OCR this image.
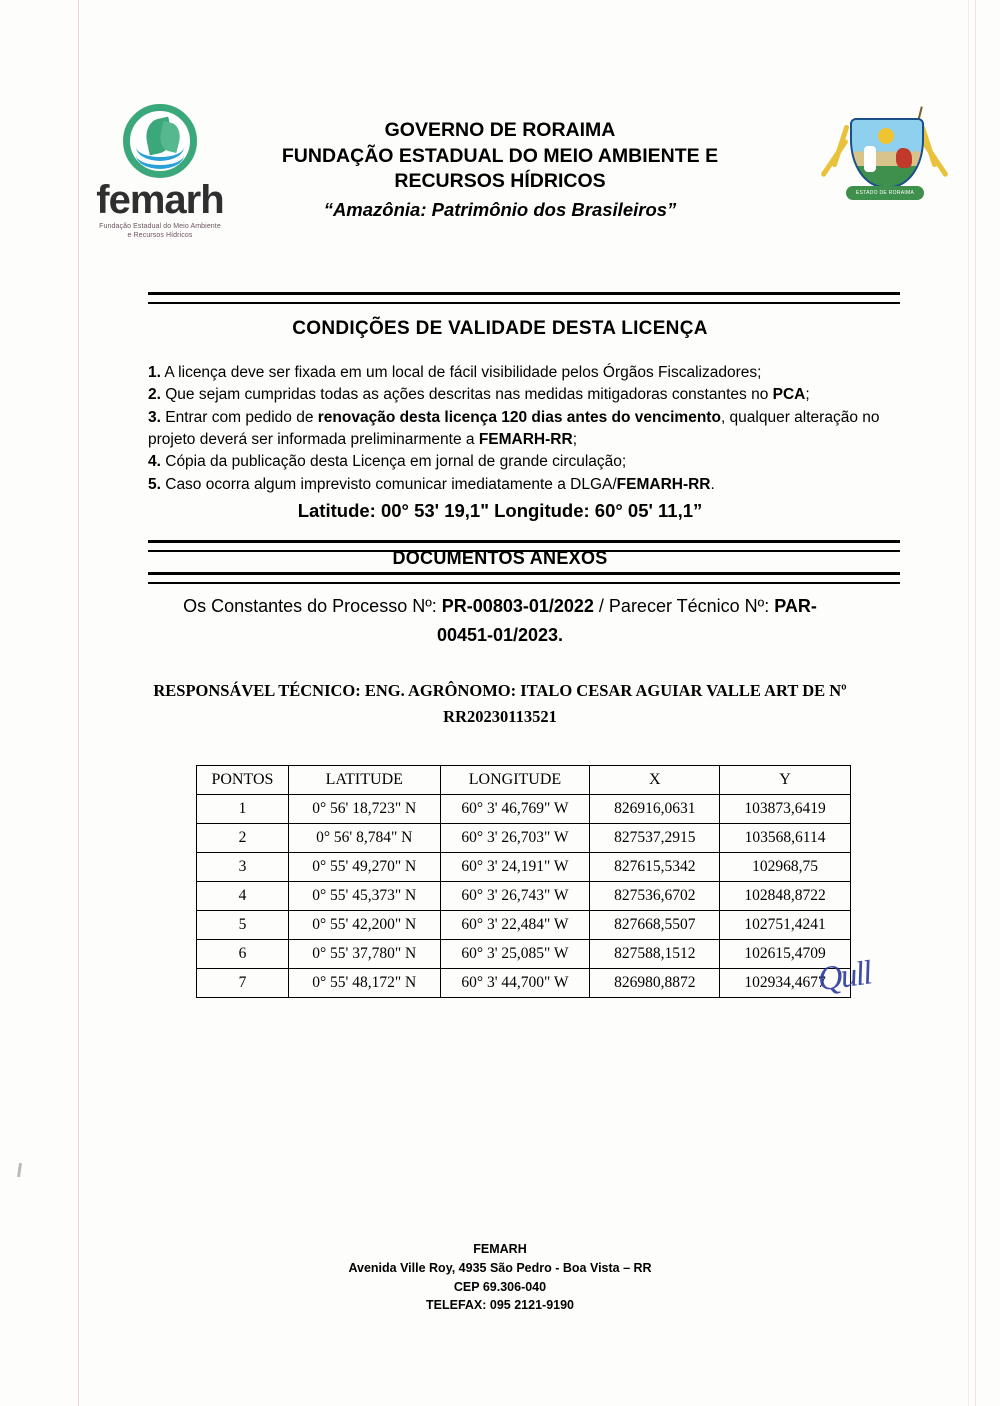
femarh
Fundação Estadual do Meio Ambiente
e Recursos Hídricos
GOVERNO DE RORAIMA
FUNDAÇÃO ESTADUAL DO MEIO AMBIENTE E
RECURSOS HÍDRICOS
“Amazônia: Patrimônio dos Brasileiros”
ESTADO DE RORAIMA
CONDIÇÕES DE VALIDADE DESTA LICENÇA

1. A licença deve ser fixada em um local de fácil visibilidade pelos Órgãos Fiscalizadores;

2. Que sejam cumpridas todas as ações descritas nas medidas mitigadoras constantes no PCA;

3. Entrar com pedido de renovação desta licença 120 dias antes do vencimento, qualquer alteração no projeto deverá ser informada preliminarmente a FEMARH-RR;

4. Cópia da publicação desta Licença em jornal de grande circulação;

5. Caso ocorra algum imprevisto comunicar imediatamente a DLGA/FEMARH-RR.

Latitude: 00° 53' 19,1" Longitude: 60° 05' 11,1”
DOCUMENTOS ANEXOS
Os Constantes do Processo Nº: PR-00803-01/2022 / Parecer Técnico Nº: PAR-
00451-01/2023.
RESPONSÁVEL TÉCNICO: ENG. AGRÔNOMO: ITALO CESAR AGUIAR VALLE ART DE Nº
RR20230113521
PONTOS	LATITUDE	LONGITUDE	X	Y
1	0° 56' 18,723" N	60° 3' 46,769" W	826916,0631	103873,6419
2	0° 56' 8,784" N	60° 3' 26,703" W	827537,2915	103568,6114
3	0° 55' 49,270" N	60° 3' 24,191" W	827615,5342	102968,75
4	0° 55' 45,373" N	60° 3' 26,743" W	827536,6702	102848,8722
5	0° 55' 42,200" N	60° 3' 22,484" W	827668,5507	102751,4241
6	0° 55' 37,780" N	60° 3' 25,085" W	827588,1512	102615,4709
7	0° 55' 48,172" N	60° 3' 44,700" W	826980,8872	102934,4677
Qull
FEMARH
Avenida Ville Roy, 4935 São Pedro - Boa Vista – RR
CEP 69.306-040
TELEFAX: 095 2121-9190
